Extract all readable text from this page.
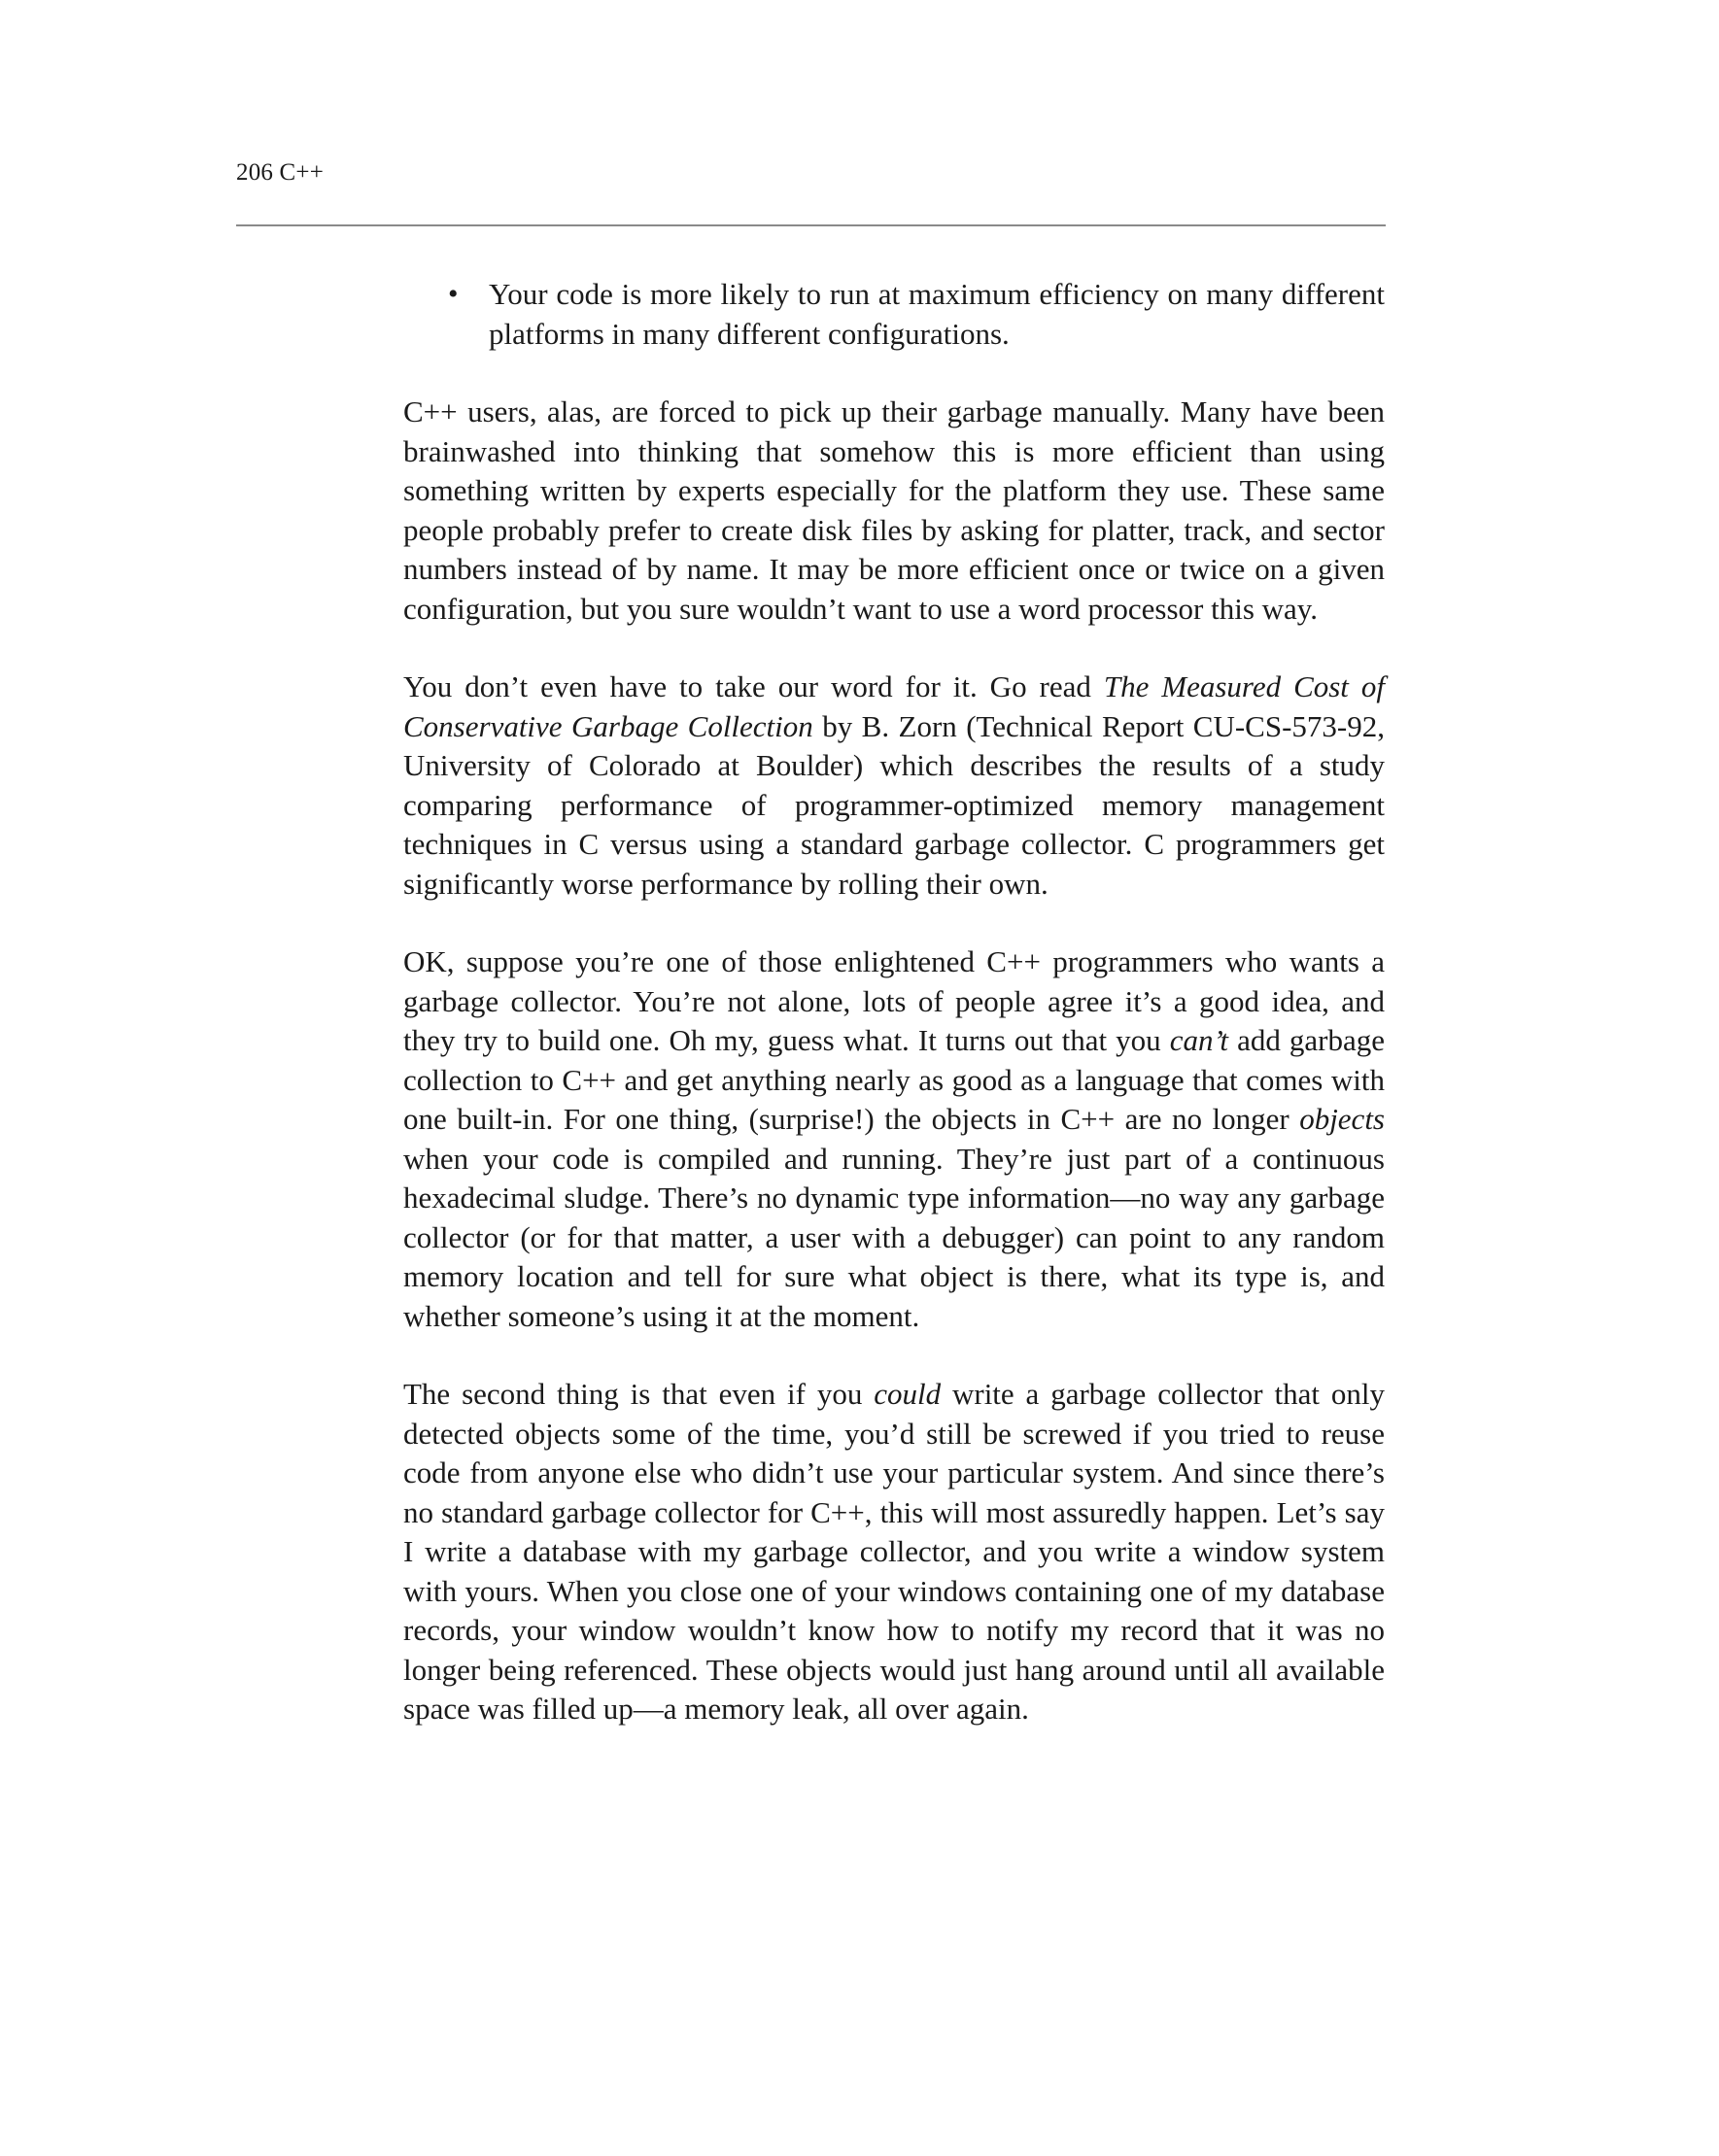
206 C++
• Your code is more likely to run at maximum efficiency on many different platforms in many different configurations.

C++ users, alas, are forced to pick up their garbage manually. Many have been brainwashed into thinking that somehow this is more efficient than using something written by experts especially for the platform they use. These same people probably prefer to create disk files by asking for platter, track, and sector numbers instead of by name. It may be more efficient once or twice on a given configuration, but you sure wouldn’t want to use a word processor this way.

You don’t even have to take our word for it. Go read The Measured Cost of Conservative Garbage Collection by B. Zorn (Technical Report CU-CS-573-92, University of Colorado at Boulder) which describes the results of a study comparing performance of programmer-optimized memory management techniques in C versus using a standard garbage collector. C programmers get significantly worse performance by rolling their own.

OK, suppose you’re one of those enlightened C++ programmers who wants a garbage collector. You’re not alone, lots of people agree it’s a good idea, and they try to build one. Oh my, guess what. It turns out that you can’t add garbage collection to C++ and get anything nearly as good as a language that comes with one built-in. For one thing, (surprise!) the objects in C++ are no longer objects when your code is compiled and running. They’re just part of a continuous hexadecimal sludge. There’s no dynamic type information—no way any garbage collector (or for that matter, a user with a debugger) can point to any random memory location and tell for sure what object is there, what its type is, and whether someone’s using it at the moment.

The second thing is that even if you could write a garbage collector that only detected objects some of the time, you’d still be screwed if you tried to reuse code from anyone else who didn’t use your particular system. And since there’s no standard garbage collector for C++, this will most assuredly happen. Let’s say I write a database with my garbage collector, and you write a window system with yours. When you close one of your windows containing one of my database records, your window wouldn’t know how to notify my record that it was no longer being referenced. These objects would just hang around until all available space was filled up—a memory leak, all over again.
